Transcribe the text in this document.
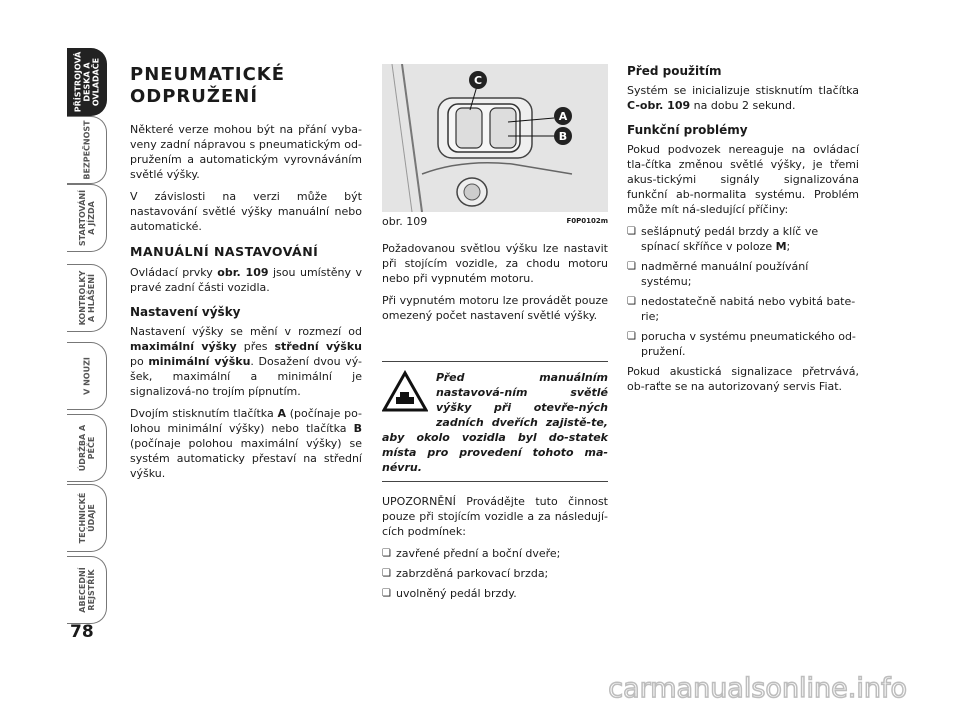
PŘÍSTROJOVÁ
DESKA A
OVLADAČE
BEZPEČNOST
STARTOVÁNÍ
A JÍZDA
KONTROLKY
A HLÁŠENÍ
V NOUZI
ÚDRŽBA A
PÉČE
TECHNICKÉ
ÚDAJE
ABECEDNÍ
REJSTŘÍK
78
PNEUMATICKÉ
ODPRUŽENÍ

Některé verze mohou být na přání vyba-veny zadní nápravou s pneumatickým od-pružením a automatickým vyrovnáváním světlé výšky.

V závislosti na verzi může být nastavování světlé výšky manuální nebo automatické.

MANUÁLNÍ NASTAVOVÁNÍ

Ovládací prvky obr. 109 jsou umístěny v pravé zadní části vozidla.

Nastavení výšky

Nastavení výšky se mění v rozmezí od maximální výšky přes střední výšku po minimální výšku. Dosažení dvou vý-šek, maximální a minimální je signalizová-no trojím pípnutím.

Dvojím stisknutím tlačítka A (počínaje po-lohou minimální výšky) nebo tlačítka B (počínaje polohou maximální výšky) se systém automaticky přestaví na střední výšku.

C
A
B
obr. 109	F0P0102m

Požadovanou světlou výšku lze nastavit při stojícím vozidle, za chodu motoru nebo při vypnutém motoru.

Při vypnutém motoru lze provádět pouze omezený počet nastavení světlé výšky.

Před manuálním nastavová-ním světlé výšky při otevře-ných zadních dveřích zajistě-te, aby okolo vozidla byl do-statek místa pro provedení tohoto ma-névru.

UPOZORNĚNÍ Provádějte tuto činnost pouze při stojícím vozidle a za následují-cích podmínek:

❏ zavřené přední a boční dveře;
❏ zabrzděná parkovací brzda;
❏ uvolněný pedál brzdy.
Před použitím

Systém se inicializuje stisknutím tlačítka C-obr. 109 na dobu 2 sekund.

Funkční problémy

Pokud podvozek nereaguje na ovládací tla-čítka změnou světlé výšky, je třemi akus-tickými signály signalizována funkční ab-normalita systému. Problém může mít ná-sledující příčiny:

❏ sešlápnutý pedál brzdy a klíč ve spínací skříňce v poloze M;
❏ nadměrné manuální používání systému;
❏ nedostatečně nabitá nebo vybitá bate-rie;
❏ porucha v systému pneumatického od-pružení.

Pokud akustická signalizace přetrvává, ob-raťte se na autorizovaný servis Fiat.

carmanualsonline.info
